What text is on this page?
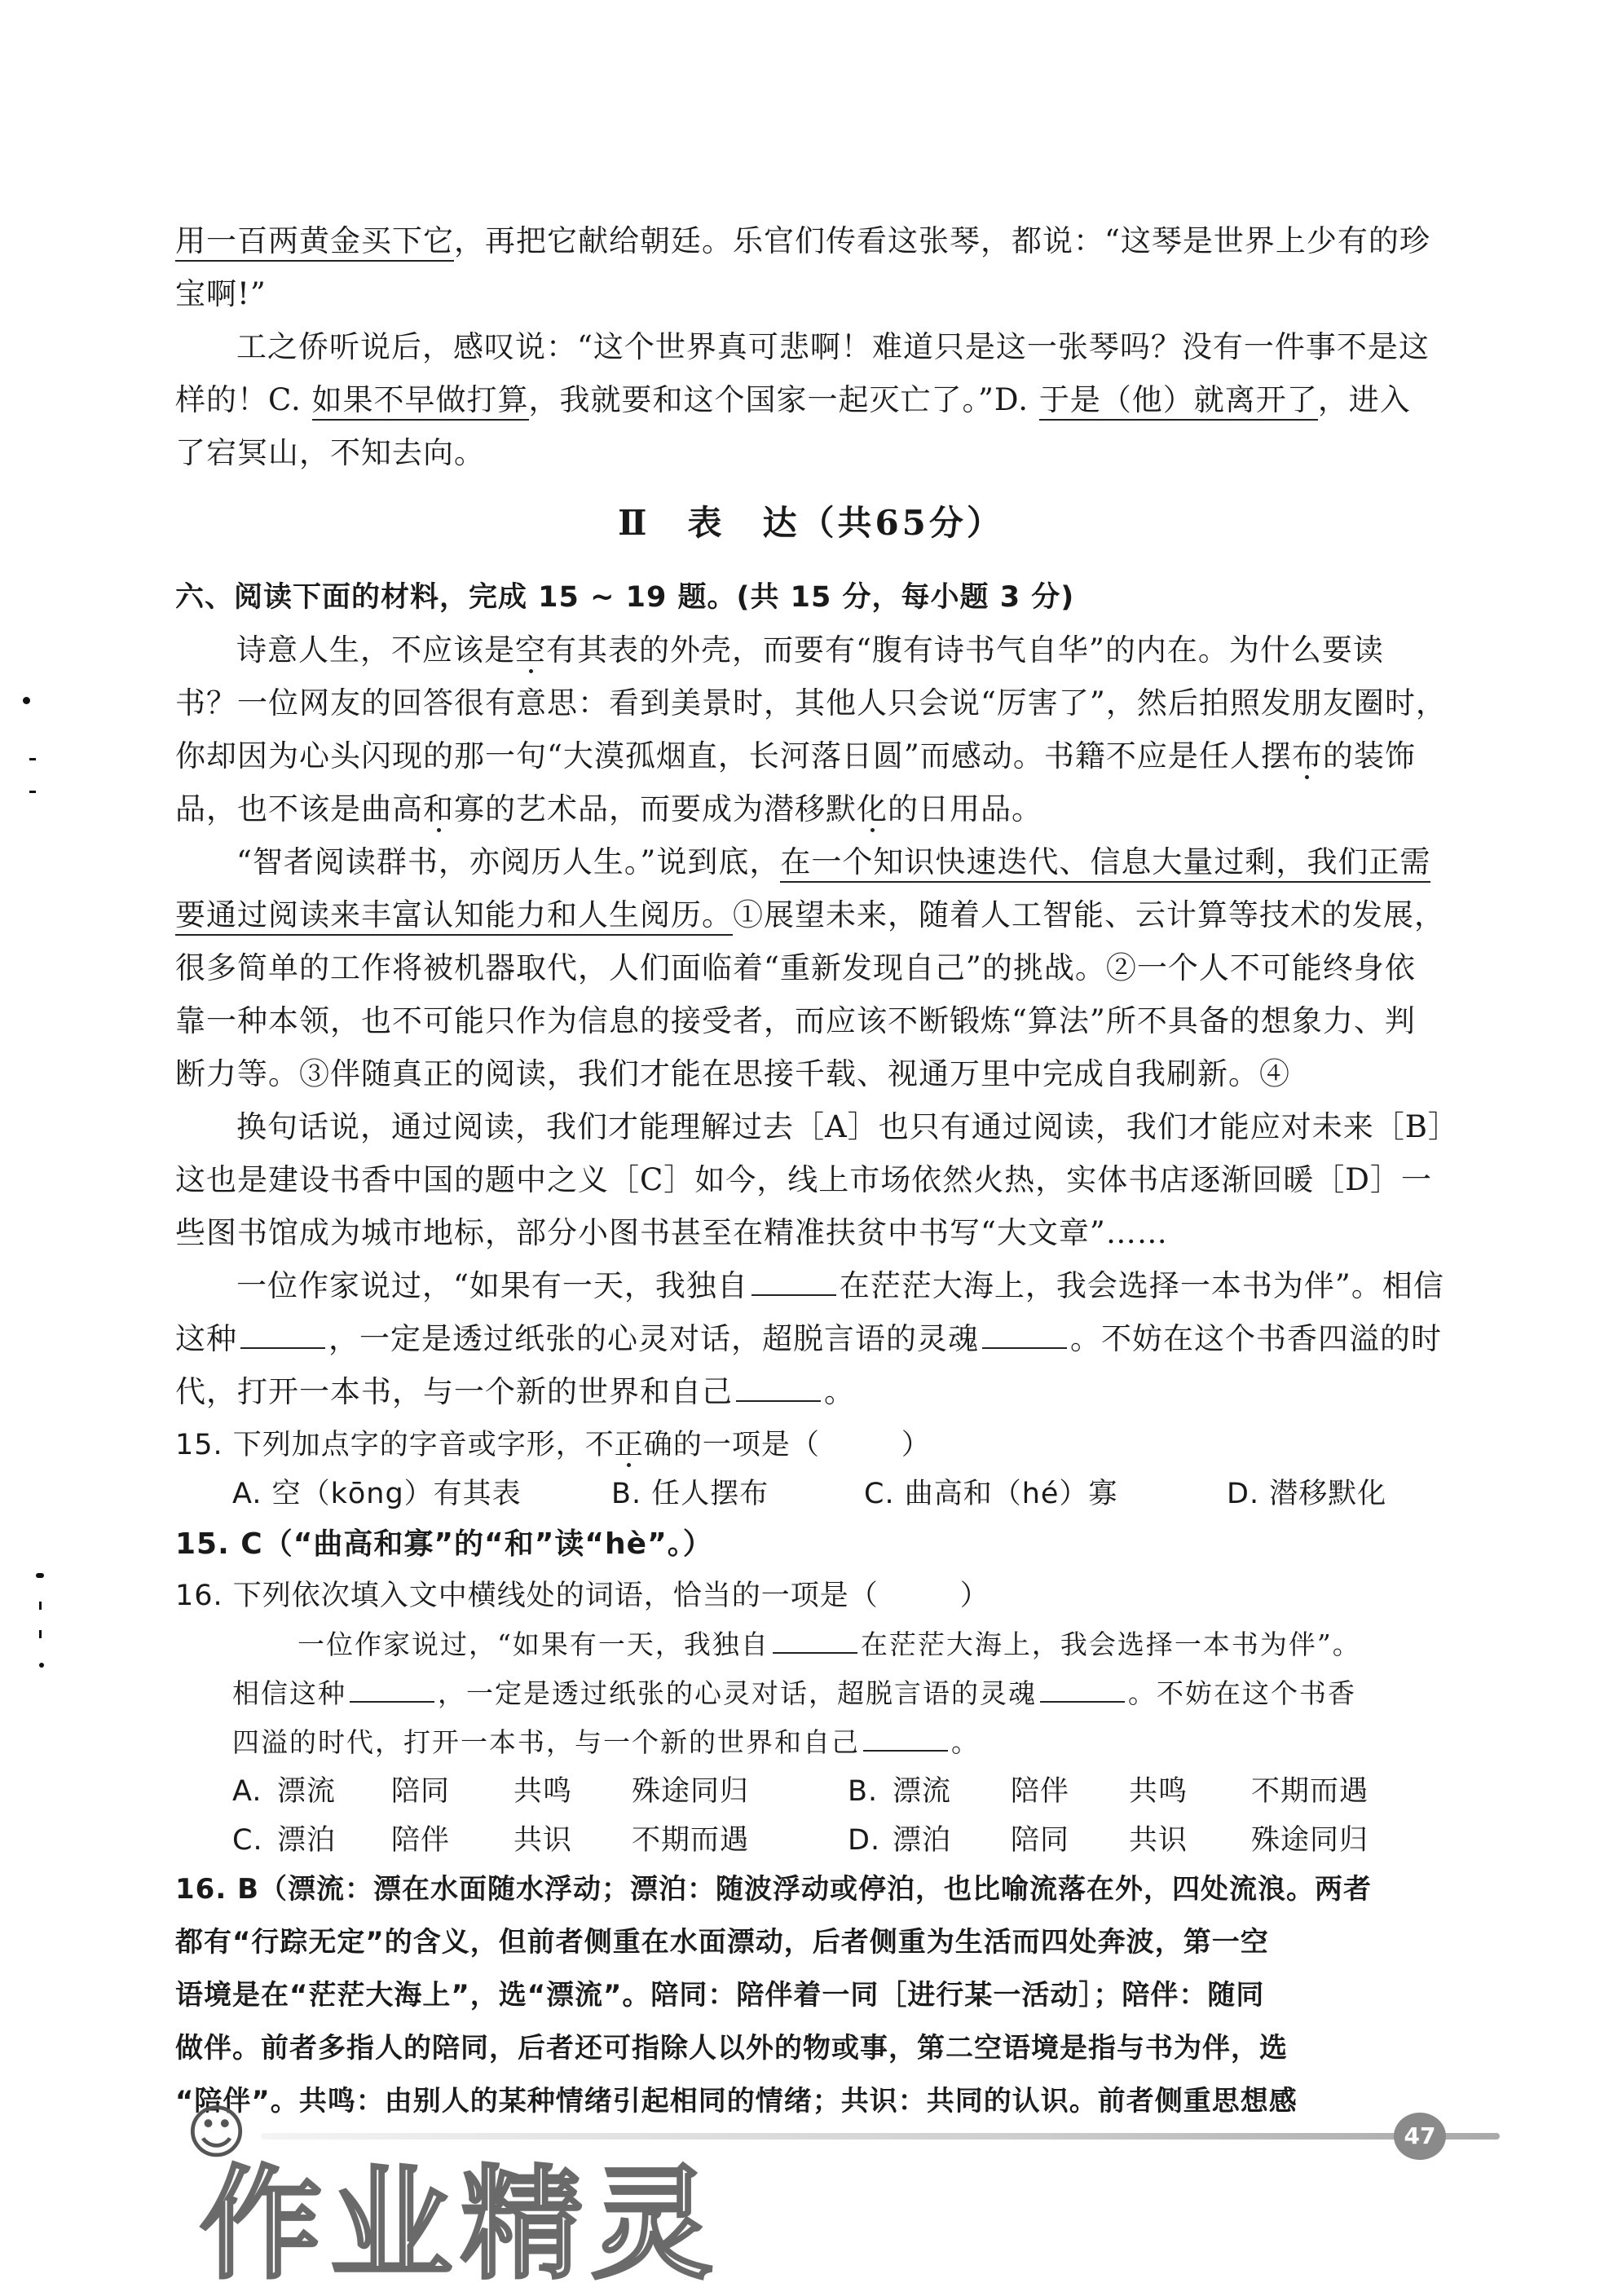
用一百两黄金买下它，再把它献给朝廷。乐官们传看这张琴，都说：“这琴是世界上少有的珍
宝啊!”
工之侨听说后，感叹说：“这个世界真可悲啊！难道只是这一张琴吗？没有一件事不是这
样的！C. 如果不早做打算，我就要和这个国家一起灭亡了。”D. 于是（他）就离开了，进入
了宕冥山，不知去向。
Ⅱ　表　达（共65分）
六、阅读下面的材料，完成 15 ~ 19 题。(共 15 分，每小题 3 分)
诗意人生，不应该是空有其表的外壳，而要有“腹有诗书气自华”的内在。为什么要读
书？一位网友的回答很有意思：看到美景时，其他人只会说“厉害了”，然后拍照发朋友圈时，
你却因为心头闪现的那一句“大漠孤烟直，长河落日圆”而感动。书籍不应是任人摆布的装饰
品，也不该是曲高和寡的艺术品，而要成为潜移默化的日用品。
“智者阅读群书，亦阅历人生。”说到底，在一个知识快速迭代、信息大量过剩，我们正需
要通过阅读来丰富认知能力和人生阅历。①展望未来，随着人工智能、云计算等技术的发展，
很多简单的工作将被机器取代，人们面临着“重新发现自己”的挑战。②一个人不可能终身依
靠一种本领，也不可能只作为信息的接受者，而应该不断锻炼“算法”所不具备的想象力、判
断力等。③伴随真正的阅读，我们才能在思接千载、视通万里中完成自我刷新。④
换句话说，通过阅读，我们才能理解过去［A］也只有通过阅读，我们才能应对未来［B］
这也是建设书香中国的题中之义［C］如今，线上市场依然火热，实体书店逐渐回暖［D］一
些图书馆成为城市地标，部分小图书甚至在精准扶贫中书写“大文章”……
一位作家说过，“如果有一天，我独自	在茫茫大海上，我会选择一本书为伴”。相信
这种	，一定是透过纸张的心灵对话，超脱言语的灵魂	。不妨在这个书香四溢的时
代，打开一本书，与一个新的世界和自己	。
15. 下列加点字的字音或字形，不正确的一项是（	）
A. 空（kōng）有其表	B. 任人摆布	C. 曲高和（hé）寡	D. 潜移默化
15. C（“曲高和寡”的“和”读“hè”。）
16. 下列依次填入文中横线处的词语，恰当的一项是（	）
一位作家说过，“如果有一天，我独自	在茫茫大海上，我会选择一本书为伴”。
相信这种	，一定是透过纸张的心灵对话，超脱言语的灵魂	。不妨在这个书香
四溢的时代，打开一本书，与一个新的世界和自己	。
A. 漂流 陪同 共鸣 殊途同归	B. 漂流 陪伴 共鸣 不期而遇
C. 漂泊 陪伴 共识 不期而遇	D. 漂泊 陪同 共识 殊途同归
16. B（漂流：漂在水面随水浮动；漂泊：随波浮动或停泊，也比喻流落在外，四处流浪。两者
都有“行踪无定”的含义，但前者侧重在水面漂动，后者侧重为生活而四处奔波，第一空
语境是在“茫茫大海上”，选“漂流”。陪同：陪伴着一同［进行某一活动］；陪伴：随同
做伴。前者多指人的陪同，后者还可指除人以外的物或事，第二空语境是指与书为伴，选
“陪伴”。共鸣：由别人的某种情绪引起相同的情绪；共识：共同的认识。前者侧重思想感
☺	47
作业精灵
